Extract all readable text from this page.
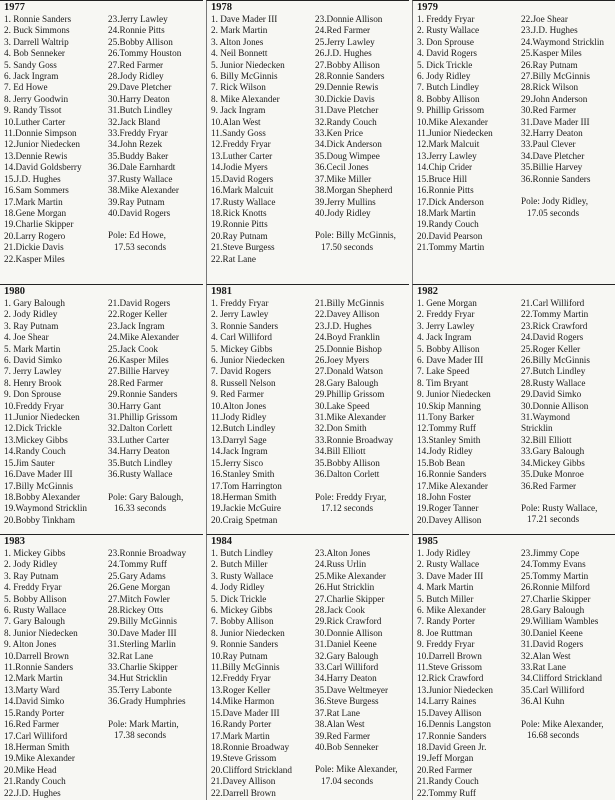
1977
1. Ronnie Sanders
2. Buck Simmons
3. Darrell Waltrip
4. Bob Senneker
5. Sandy Goss
6. Jack Ingram
7. Ed Howe
8. Jerry Goodwin
9. Randy Tissot
10.Luther Carter
11.Donnie Simpson
12.Junior Niedecken
13.Dennie Rewis
14.David Goldsberry
15.J.D. Hughes
16.Sam Sommers
17.Mark Martin
18.Gene Morgan
19.Charlie Skipper
20.Larry Rogero
21.Dickie Davis
22.Kasper Miles
23.Jerry Lawley
24.Ronnie Pitts
25.Bobby Allison
26.Tommy Houston
27.Red Farmer
28.Jody Ridley
29.Dave Pletcher
30.Harry Deaton
31.Butch Lindley
32.Jack Bland
33.Freddy Fryar
34.John Rezek
35.Buddy Baker
36.Dale Earnhardt
37.Rusty Wallace
38.Mike Alexander
39.Ray Putnam
40.David Rogers
Pole: Ed Howe,
17.53 seconds
1978
1. Dave Mader III
2. Mark Martin
3. Alton Jones
4. Neil Bonnett
5. Junior Niedecken
6. Billy McGinnis
7. Rick Wilson
8. Mike Alexander
9. Jack Ingram
10.Alan West
11.Sandy Goss
12.Freddy Fryar
13.Luther Carter
14.Jodie Myers
15.David Rogers
16.Mark Malcuit
17.Rusty Wallace
18.Rick Knotts
19.Ronnie Pitts
20.Ray Putnam
21.Steve Burgess
22.Rat Lane
23.Donnie Allison
24.Red Farmer
25.Jerry Lawley
26.J.D. Hughes
27.Bobby Allison
28.Ronnie Sanders
29.Dennie Rewis
30.Dickie Davis
31.Dave Pletcher
32.Randy Couch
33.Ken Price
34.Dick Anderson
35.Doug Wimpee
36.Cecil Jones
37.Mike Miller
38.Morgan Shepherd
39.Jerry Mullins
40.Jody Ridley
Pole: Billy McGinnis,
17.50 seconds
1979
1. Freddy Fryar
2. Rusty Wallace
3. Don Sprouse
4. David Rogers
5. Dick Trickle
6. Jody Ridley
7. Butch Lindley
8. Bobby Allison
9. Phillip Grissom
10.Mike Alexander
11.Junior Niedecken
12.Mark Malcuit
13.Jerry Lawley
14.Chip Crider
15.Bruce Hill
16.Ronnie Pitts
17.Dick Anderson
18.Mark Martin
19.Randy Couch
20.David Pearson
21.Tommy Martin
22.Joe Shear
23.J.D. Hughes
24.Waymond Stricklin
25.Kasper Miles
26.Ray Putnam
27.Billy McGinnis
28.Rick Wilson
29.John Anderson
30.Red Farmer
31.Dave Mader III
32.Harry Deaton
33.Paul Clever
34.Dave Pletcher
35.Billie Harvey
36.Ronnie Sanders
Pole: Jody Ridley,
17.05 seconds
1980
1. Gary Balough
2. Jody Ridley
3. Ray Putnam
4. Joe Shear
5. Mark Martin
6. David Simko
7. Jerry Lawley
8. Henry Brook
9. Don Sprouse
10.Freddy Fryar
11.Junior Niedecken
12.Dick Trickle
13.Mickey Gibbs
14.Randy Couch
15.Jim Sauter
16.Dave Mader III
17.Billy McGinnis
18.Bobby Alexander
19.Waymond Stricklin
20.Bobby Tinkham
21.David Rogers
22.Roger Keller
23.Jack Ingram
24.Mike Alexander
25.Jack Cook
26.Kasper Miles
27.Billie Harvey
28.Red Farmer
29.Ronnie Sanders
30.Harry Gant
31.Phillip Grissom
32.Dalton Corlett
33.Luther Carter
34.Harry Deaton
35.Butch Lindley
36.Rusty Wallace
Pole: Gary Balough,
16.33 seconds
1981
1. Freddy Fryar
2. Jerry Lawley
3. Ronnie Sanders
4. Carl Williford
5. Mickey Gibbs
6. Junior Niedecken
7. David Rogers
8. Russell Nelson
9. Red Farmer
10.Alton Jones
11.Jody Ridley
12.Butch Lindley
13.Darryl Sage
14.Jack Ingram
15.Jerry Sisco
16.Stanley Smith
17.Tom Harrington
18.Herman Smith
19.Jackie McGuire
20.Craig Spetman
21.Billy McGinnis
22.Davey Allison
23.J.D. Hughes
24.Boyd Franklin
25.Donnie Bishop
26.Joey Myers
27.Donald Watson
28.Gary Balough
29.Phillip Grissom
30.Lake Speed
31.Mike Alexander
32.Don Smith
33.Ronnie Broadway
34.Bill Elliott
35.Bobby Allison
36.Dalton Corlett
Pole: Freddy Fryar,
17.12 seconds
1982
1. Gene Morgan
2. Freddy Fryar
3. Jerry Lawley
4. Jack Ingram
5. Bobby Allison
6. Dave Mader III
7. Lake Speed
8. Tim Bryant
9. Junior Niedecken
10.Skip Manning
11.Tony Barker
12.Tommy Ruff
13.Stanley Smith
14.Jody Ridley
15.Bob Bean
16.Ronnie Sanders
17.Mike Alexander
18.John Foster
19.Roger Tanner
20.Davey Allison
21.Carl Williford
22.Tommy Martin
23.Rick Crawford
24.David Rogers
25.Roger Keller
26.Billy McGinnis
27.Butch Lindley
28.Rusty Wallace
29.David Simko
30.Donnie Allison
31.Waymond
Stricklin
32.Bill Elliott
33.Gary Balough
34.Mickey Gibbs
35.Duke Monroe
36.Red Farmer
Pole: Rusty Wallace,
17.21 seconds
1983
1. Mickey Gibbs
2. Jody Ridley
3. Ray Putnam
4. Freddy Fryar
5. Bobby Allison
6. Rusty Wallace
7. Gary Balough
8. Junior Niedecken
9. Alton Jones
10.Darrell Brown
11.Ronnie Sanders
12.Mark Martin
13.Marty Ward
14.David Simko
15.Randy Porter
16.Red Farmer
17.Carl Williford
18.Herman Smith
19.Mike Alexander
20.Mike Head
21.Randy Couch
22.J.D. Hughes
23.Ronnie Broadway
24.Tommy Ruff
25.Gary Adams
26.Gene Morgan
27.Mitch Fowler
28.Rickey Otts
29.Billy McGinnis
30.Dave Mader III
31.Sterling Marlin
32.Rat Lane
33.Charlie Skipper
34.Hut Stricklin
35.Terry Labonte
36.Grady Humphries
Pole: Mark Martin,
17.38 seconds
1984
1. Butch Lindley
2. Butch Miller
3. Rusty Wallace
4. Jody Ridley
5. Dick Trickle
6. Mickey Gibbs
7. Bobby Allison
8. Junior Niedecken
9. Ronnie Sanders
10.Ray Putnam
11.Billy McGinnis
12.Freddy Fryar
13.Roger Keller
14.Mike Harmon
15.Dave Mader III
16.Randy Porter
17.Mark Martin
18.Ronnie Broadway
19.Steve Grissom
20.Clifford Strickland
21.Davey Allison
22.Darrell Brown
23.Alton Jones
24.Russ Urlin
25.Mike Alexander
26.Hut Stricklin
27.Charlie Skipper
28.Jack Cook
29.Rick Crawford
30.Donnie Allison
31.Daniel Keene
32.Gary Balough
33.Carl Williford
34.Harry Deaton
35.Dave Weltmeyer
36.Steve Burgess
37.Rat Lane
38.Alan West
39.Red Farmer
40.Bob Senneker
Pole: Mike Alexander,
17.04 seconds
1985
1. Jody Ridley
2. Rusty Wallace
3. Dave Mader III
4. Mark Martin
5. Butch Miller
6. Mike Alexander
7. Randy Porter
8. Joe Ruttman
9. Freddy Fryar
10.Darrell Brown
11.Steve Grissom
12.Rick Crawford
13.Junior Niedecken
14.Larry Raines
15.Davey Allison
16.Dennis Langston
17.Ronnie Sanders
18.David Green Jr.
19.Jeff Morgan
20.Red Farmer
21.Randy Couch
22.Tommy Ruff
23.Jimmy Cope
24.Tommy Evans
25.Tommy Martin
26.Ronnie Milford
27.Charlie Skipper
28.Gary Balough
29.William Wambles
30.Daniel Keene
31.David Rogers
32.Alan West
33.Rat Lane
34.Clifford Strickland
35.Carl Williford
36.Al Kuhn
Pole: Mike Alexander,
16.68 seconds
